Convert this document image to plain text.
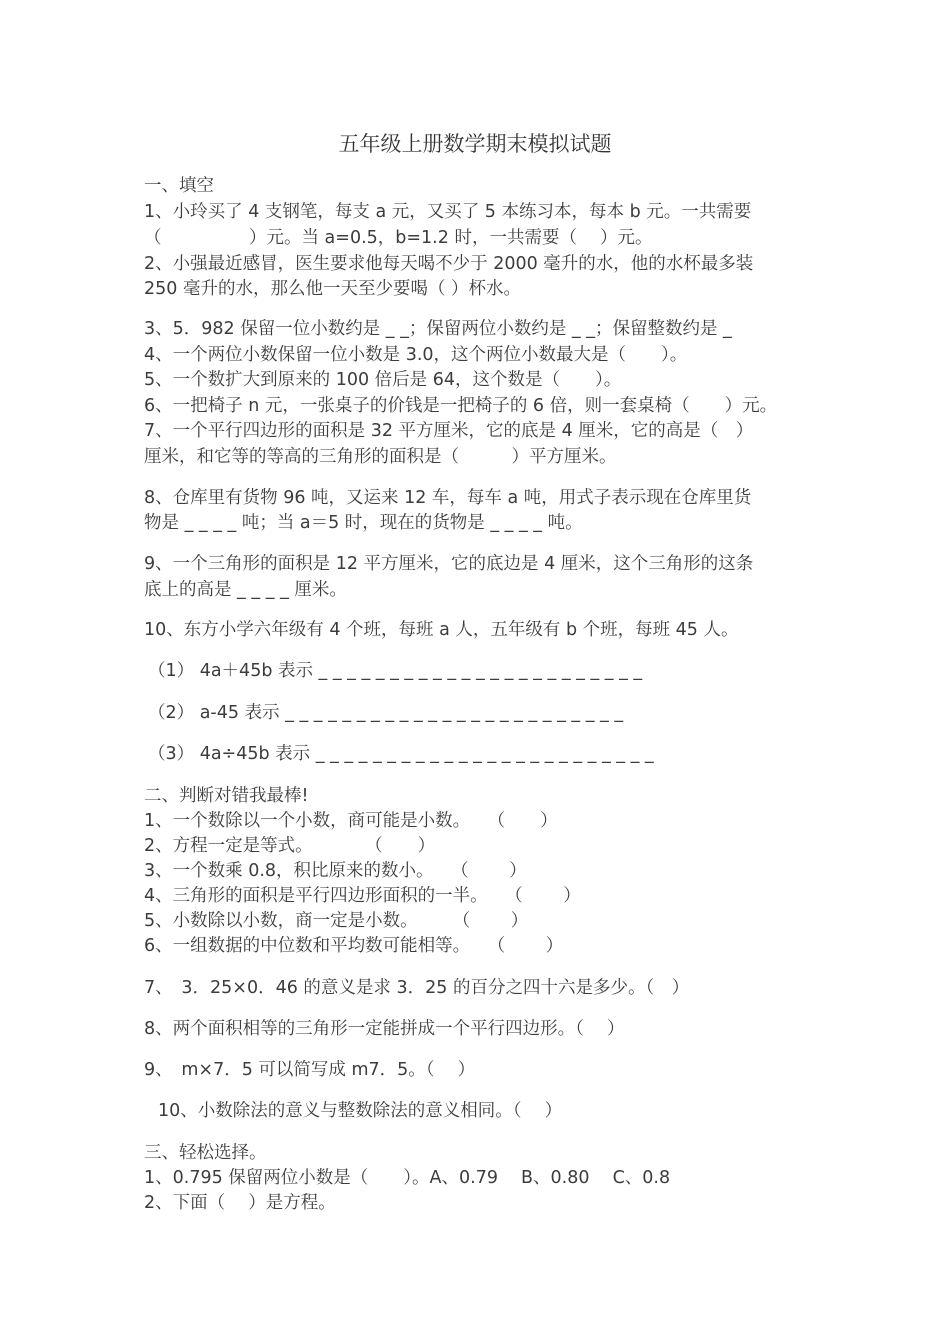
五年级上册数学期末模拟试题
一、填空
1、小玲买了 4 支钢笔，每支 a 元，又买了 5 本练习本，每本 b 元。一共需要
（　　　　　）元。当 a=0.5，b=1.2 时，一共需要（　 ）元。
2、小强最近感冒，医生要求他每天喝不少于 2000 毫升的水，他的水杯最多装
250 毫升的水，那么他一天至少要喝（ ）杯水。
3、5．982 保留一位小数约是 _ _；保留两位小数约是 _ _；保留整数约是 _
4、一个两位小数保留一位小数是 3.0，这个两位小数最大是（　　）。
5、一个数扩大到原来的 100 倍后是 64，这个数是（　　）。
6、一把椅子 n 元，一张桌子的价钱是一把椅子的 6 倍，则一套桌椅（　　）元。
7、一个平行四边形的面积是 32 平方厘米，它的底是 4 厘米，它的高是（　）
厘米，和它等的等高的三角形的面积是（　　　）平方厘米。
8、仓库里有货物 96 吨，又运来 12 车，每车 a 吨，用式子表示现在仓库里货
物是 _ _ _ _ 吨；当 a＝5 时，现在的货物是 _ _ _ _ 吨。
9、一个三角形的面积是 12 平方厘米，它的底边是 4 厘米，这个三角形的这条
底上的高是 _ _ _ _ 厘米。
10、东方小学六年级有 4 个班，每班 a 人，五年级有 b 个班，每班 45 人。
（1） 4a＋45b 表示 _ _ _ _ _ _ _ _ _ _ _ _ _ _ _ _ _ _ _ _ _ _ _
（2） a-45 表示 _ _ _ _ _ _ _ _ _ _ _ _ _ _ _ _ _ _ _ _ _ _ _ _
（3） 4a÷45b 表示 _ _ _ _ _ _ _ _ _ _ _ _ _ _ _ _ _ _ _ _ _ _ _ _
二、判断对错我最棒!
1、一个数除以一个小数，商可能是小数。　　（　　）
2、方程一定是等式。　　　　（　　）
3、一个数乘 0.8，积比原来的数小。　　（　　 ）
4、三角形的面积是平行四边形面积的一半。　　（　　 ）
5、小数除以小数，商一定是小数。　　　（　　 ）
6、一组数据的中位数和平均数可能相等。　　（　　 ）
7、　3．25×0．46 的意义是求 3．25 的百分之四十六是多少。（　）
8、两个面积相等的三角形一定能拼成一个平行四边形。（　 ）
9、　m×7．5 可以简写成 m7．5。（　 ）
10、小数除法的意义与整数除法的意义相同。（　 ）
三、轻松选择。
1、0.795 保留两位小数是（　　）。A、0.79　 B、0.80　 C、0.8
2、下面（　 ）是方程。
